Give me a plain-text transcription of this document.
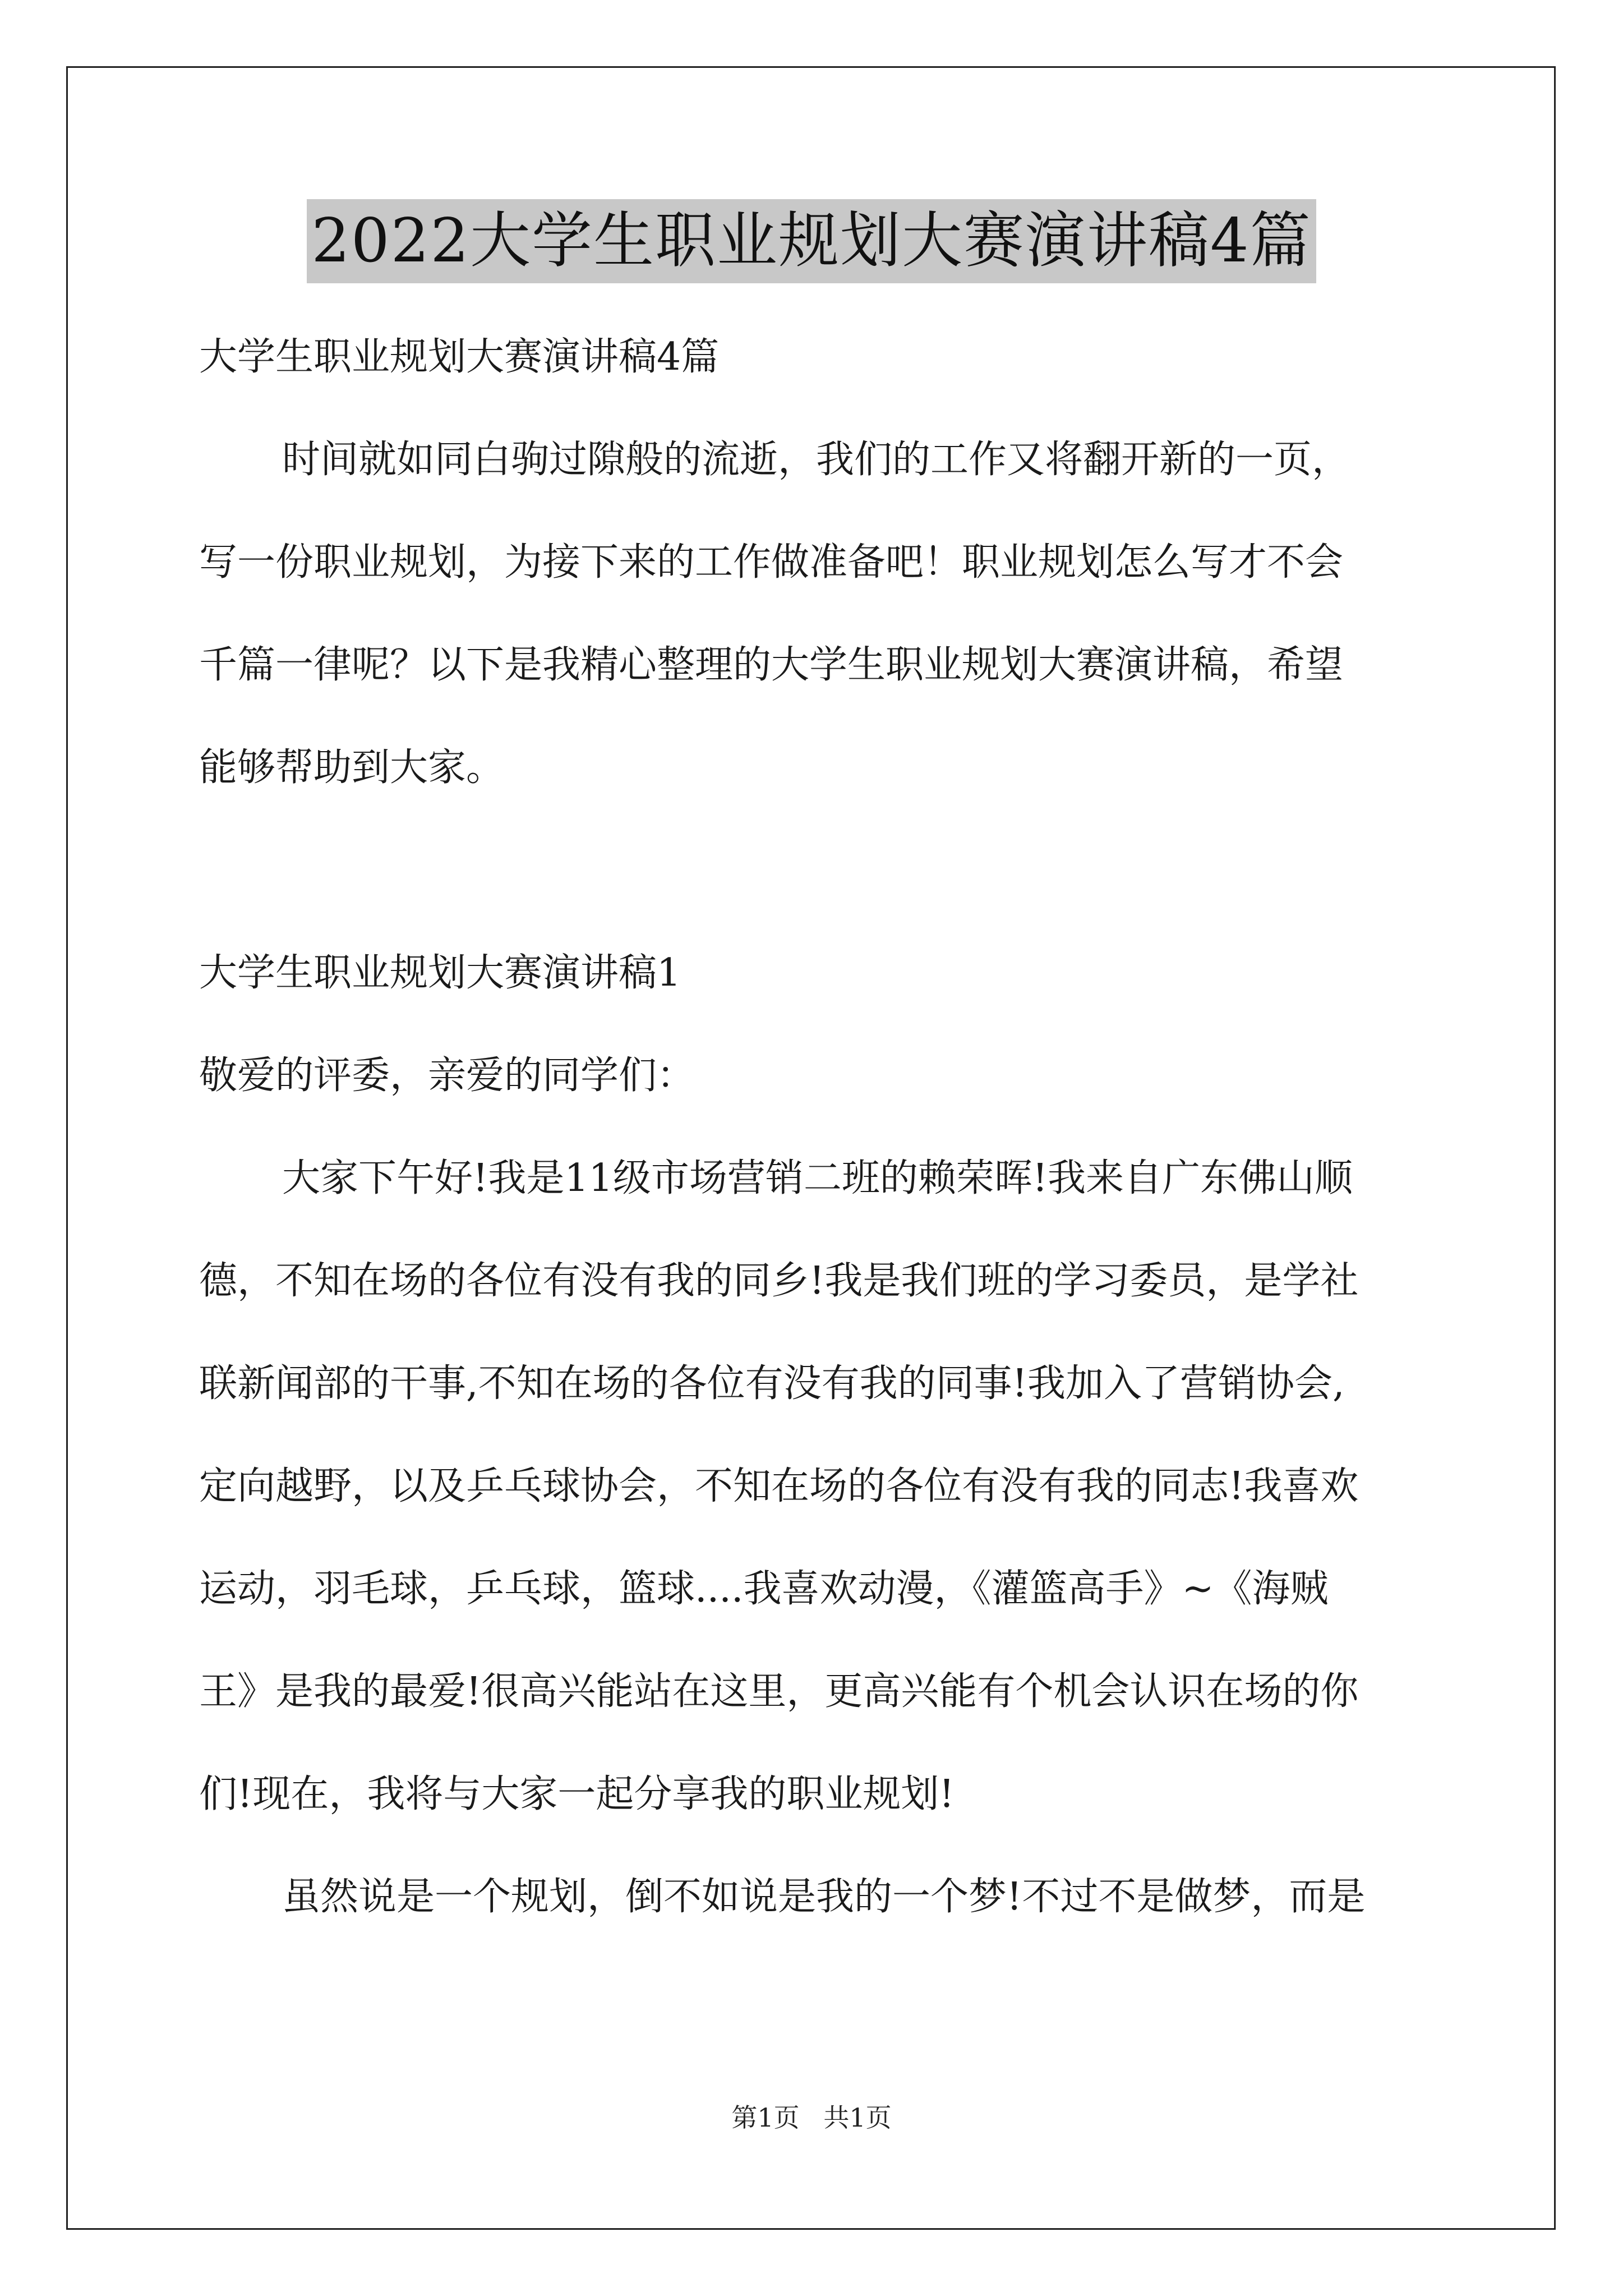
2022大学生职业规划大赛演讲稿4篇
大学生职业规划大赛演讲稿4篇
时间就如同白驹过隙般的流逝，我们的工作又将翻开新的一页，
写一份职业规划，为接下来的工作做准备吧！职业规划怎么写才不会
千篇一律呢？以下是我精心整理的大学生职业规划大赛演讲稿，希望
能够帮助到大家。
大学生职业规划大赛演讲稿1
敬爱的评委，亲爱的同学们：
大家下午好!我是11级市场营销二班的赖荣晖!我来自广东佛山顺
德，不知在场的各位有没有我的同乡!我是我们班的学习委员，是学社
联新闻部的干事,不知在场的各位有没有我的同事!我加入了营销协会,
定向越野，以及乒乓球协会，不知在场的各位有没有我的同志!我喜欢
运动，羽毛球，乒乓球，篮球....我喜欢动漫，《灌篮高手》~《海贼
王》是我的最爱!很高兴能站在这里，更高兴能有个机会认识在场的你
们!现在，我将与大家一起分享我的职业规划!
虽然说是一个规划，倒不如说是我的一个梦!不过不是做梦，而是
第1页 共1页
